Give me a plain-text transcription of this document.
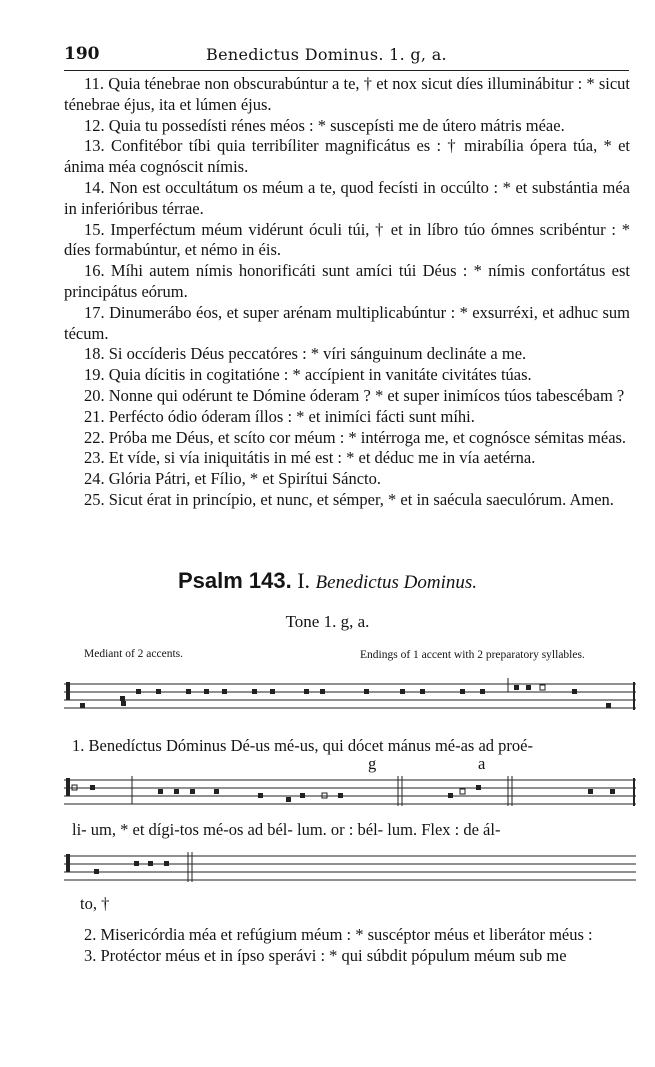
190	Benedictus Dominus. 1. g, a.

11. Quia ténebrae non obscurabúntur a te, † et nox sicut díes illuminábitur : * sicut ténebrae éjus, ita et lúmen éjus.

12. Quia tu possedísti rénes méos : * suscepísti me de útero mátris méae.

13. Confitébor tíbi quia terribíliter magnificátus es : † mirabília ópera túa, * et ánima méa cognóscit nímis.

14. Non est occultátum os méum a te, quod fecísti in occúlto : * et substántia méa in inferióribus térrae.

15. Imperféctum méum vidérunt óculi túi, † et in líbro túo ómnes scribéntur : * díes formabúntur, et némo in éis.

16. Míhi autem nímis honorificáti sunt amíci túi Déus : * nímis confortátus est principátus eórum.

17. Dinumerábo éos, et super arénam multiplicabúntur : * exsurréxi, et adhuc sum técum.

18. Si occíderis Déus peccatóres : * víri sánguinum declináte a me.

19. Quia dícitis in cogitatióne : * accípient in vanitáte civitátes túas.

20. Nonne qui odérunt te Dómine óderam ? * et super inimícos túos tabescébam ?

21. Perfécto ódio óderam íllos : * et inimíci fácti sunt míhi.

22. Próba me Déus, et scíto cor méum : * intérroga me, et cognósce sémitas méas.

23. Et víde, si vía iniquitátis in mé est : * et déduc me in vía aetérna.

24. Glória Pátri, et Fílio, * et Spirítui Sáncto.

25. Sicut érat in princípio, et nunc, et sémper, * et in saécula saeculórum. Amen.

Psalm 143. I. Benedictus Dominus.
Tone 1. g, a.
Mediant of 2 accents.	Endings of 1 accent with 2 preparatory syllables.
1. Benedíctus Dóminus Dé-us mé-us, qui dócet mánus mé-as ad proé-
g	a
li- um, * et dígi-tos mé-os ad bél- lum. or : bél- lum. Flex : de ál-
to, †

2. Misericórdia méa et refúgium méum : * suscéptor méus et liberátor méus :

3. Protéctor méus et in ípso sperávi : * qui súbdit pópulum méum sub me
